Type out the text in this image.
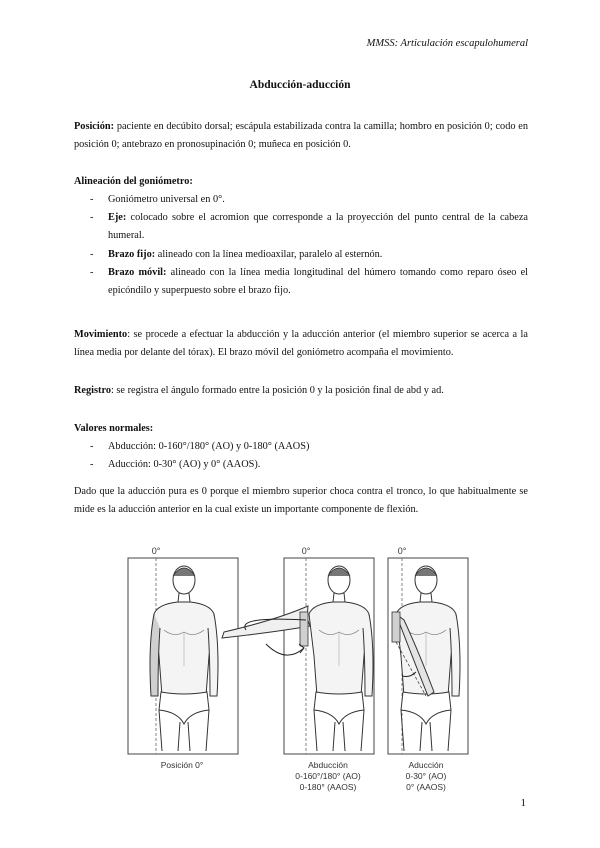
MMSS: Articulación escapulohumeral
Abducción-aducción
Posición: paciente en decúbito dorsal; escápula estabilizada contra la camilla; hombro en posición 0; codo en posición 0; antebrazo en pronosupinación 0; muñeca en posición 0.
Alineación del goniómetro:
- Goniómetro universal en 0°.
- Eje: colocado sobre el acromion que corresponde a la proyección del punto central de la cabeza humeral.
- Brazo fijo: alineado con la línea medioaxilar, paralelo al esternón.
- Brazo móvil: alineado con la línea media longitudinal del húmero tomando como reparo óseo el epicóndilo y superpuesto sobre el brazo fijo.
Movimiento: se procede a efectuar la abducción y la aducción anterior (el miembro superior se acerca a la línea media por delante del tórax). El brazo móvil del goniómetro acompaña el movimiento.
Registro: se registra el ángulo formado entre la posición 0 y la posición final de abd y ad.
Valores normales:
- Abducción: 0-160°/180° (AO) y 0-180° (AAOS)
- Aducción: 0-30° (AO) y 0° (AAOS).
Dado que la aducción pura es 0 porque el miembro superior choca contra el tronco, lo que habitualmente se mide es la aducción anterior en la cual existe un importante componente de flexión.
0°
Posición 0°
0°
Abducción
0-160°/180° (AO)
0-180° (AAOS)
0°
Aducción
0-30° (AO)
0° (AAOS)
1
